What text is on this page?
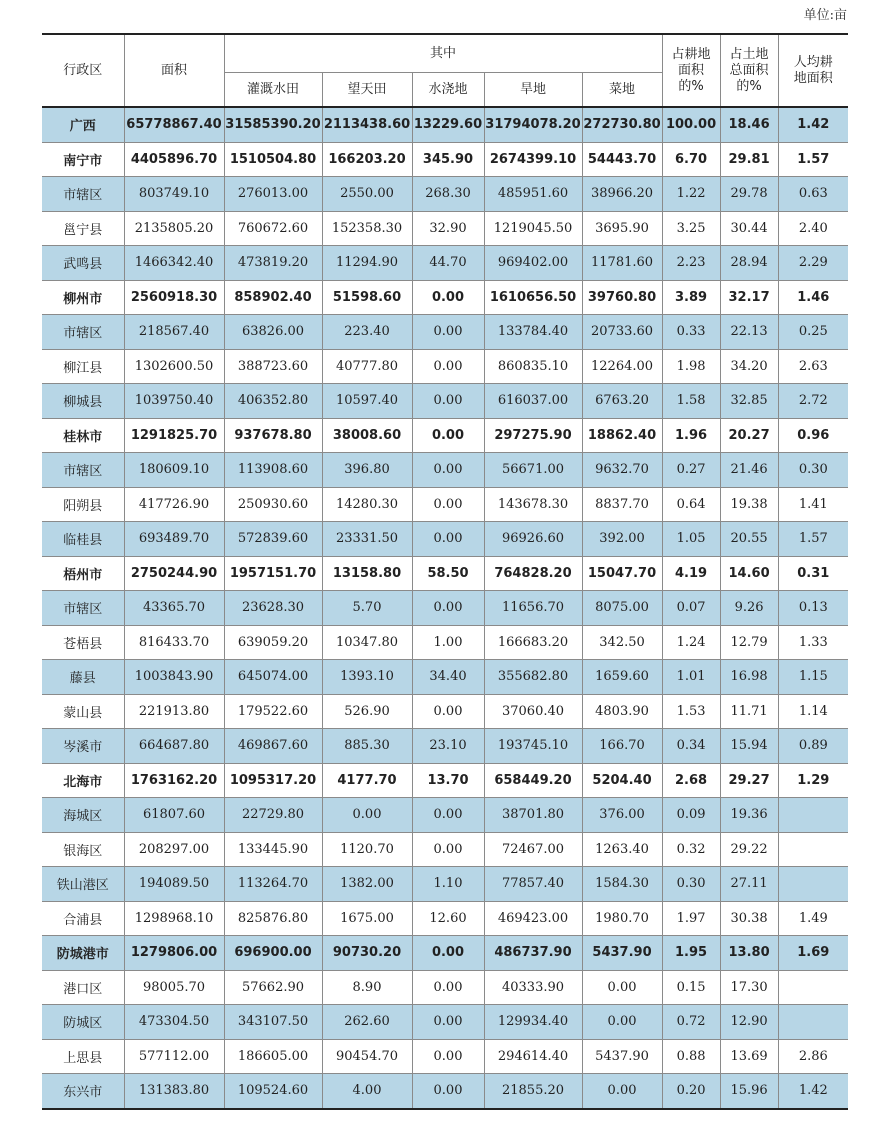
单位:亩
行政区	面积	其中					占耕地面积的%	占土地总面积的%	人均耕地面积
		灌溉水田	望天田	水浇地	旱地	菜地			
广西	65778867.40	31585390.20	2113438.60	13229.60	31794078.20	272730.80	100.00	18.46	1.42
南宁市	4405896.70	1510504.80	166203.20	345.90	2674399.10	54443.70	6.70	29.81	1.57
市辖区	803749.10	276013.00	2550.00	268.30	485951.60	38966.20	1.22	29.78	0.63
邕宁县	2135805.20	760672.60	152358.30	32.90	1219045.50	3695.90	3.25	30.44	2.40
武鸣县	1466342.40	473819.20	11294.90	44.70	969402.00	11781.60	2.23	28.94	2.29
柳州市	2560918.30	858902.40	51598.60	0.00	1610656.50	39760.80	3.89	32.17	1.46
市辖区	218567.40	63826.00	223.40	0.00	133784.40	20733.60	0.33	22.13	0.25
柳江县	1302600.50	388723.60	40777.80	0.00	860835.10	12264.00	1.98	34.20	2.63
柳城县	1039750.40	406352.80	10597.40	0.00	616037.00	6763.20	1.58	32.85	2.72
桂林市	1291825.70	937678.80	38008.60	0.00	297275.90	18862.40	1.96	20.27	0.96
市辖区	180609.10	113908.60	396.80	0.00	56671.00	9632.70	0.27	21.46	0.30
阳朔县	417726.90	250930.60	14280.30	0.00	143678.30	8837.70	0.64	19.38	1.41
临桂县	693489.70	572839.60	23331.50	0.00	96926.60	392.00	1.05	20.55	1.57
梧州市	2750244.90	1957151.70	13158.80	58.50	764828.20	15047.70	4.19	14.60	0.31
市辖区	43365.70	23628.30	5.70	0.00	11656.70	8075.00	0.07	9.26	0.13
苍梧县	816433.70	639059.20	10347.80	1.00	166683.20	342.50	1.24	12.79	1.33
藤县	1003843.90	645074.00	1393.10	34.40	355682.80	1659.60	1.01	16.98	1.15
蒙山县	221913.80	179522.60	526.90	0.00	37060.40	4803.90	1.53	11.71	1.14
岑溪市	664687.80	469867.60	885.30	23.10	193745.10	166.70	0.34	15.94	0.89
北海市	1763162.20	1095317.20	4177.70	13.70	658449.20	5204.40	2.68	29.27	1.29
海城区	61807.60	22729.80	0.00	0.00	38701.80	376.00	0.09	19.36	
银海区	208297.00	133445.90	1120.70	0.00	72467.00	1263.40	0.32	29.22	
铁山港区	194089.50	113264.70	1382.00	1.10	77857.40	1584.30	0.30	27.11	
合浦县	1298968.10	825876.80	1675.00	12.60	469423.00	1980.70	1.97	30.38	1.49
防城港市	1279806.00	696900.00	90730.20	0.00	486737.90	5437.90	1.95	13.80	1.69
港口区	98005.70	57662.90	8.90	0.00	40333.90	0.00	0.15	17.30	
防城区	473304.50	343107.50	262.60	0.00	129934.40	0.00	0.72	12.90	
上思县	577112.00	186605.00	90454.70	0.00	294614.40	5437.90	0.88	13.69	2.86
东兴市	131383.80	109524.60	4.00	0.00	21855.20	0.00	0.20	15.96	1.42
